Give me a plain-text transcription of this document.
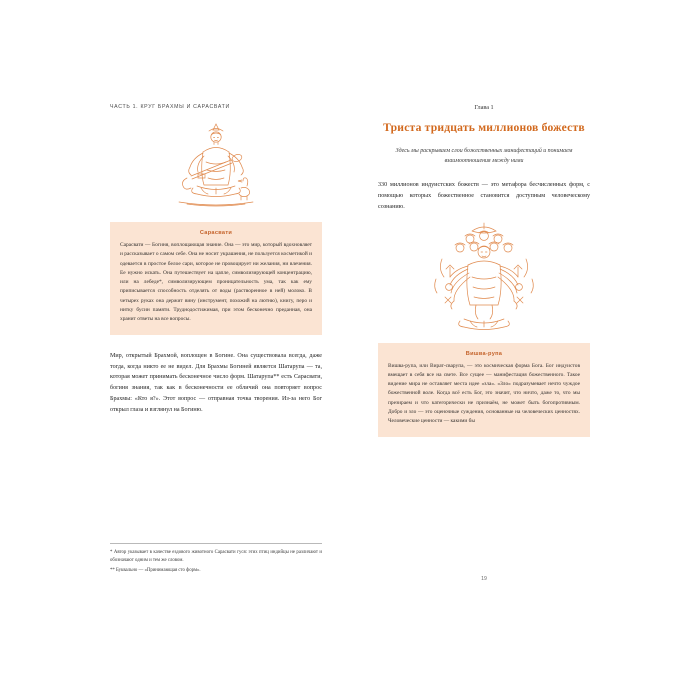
ЧАСТЬ 1. КРУГ БРАХМЫ И САРАСВАТИ
Сарасвати

Сарасвати — Богиня, воплощающая знание. Она — это мир, который вдохновляет и рассказывает о самом себе. Она не носит украшения, не пользуется косметикой и одевается в простое белое сари, которое не провоцирует ни желания, ни влечения. Ее нужно искать. Она путешествует на цапле, символизирующей концентрацию, или на лебеде*, символизирующем проницательность ума, так как ему приписывается способность отделять от воды (растворенное в ней) молоко. В четырех руках она держит вину (инструмент, похожий на лютню), книгу, перо и нитку бусин памяти. Труднодостижимая, при этом бесконечно преданная, она хранит ответы на все вопросы.

Мир, открытый Брахмой, воплощен в Богине. Она существовала всегда, даже тогда, когда никто ее не видел. Для Брахмы Богиней является Шатарупа — та, которая может принимать бесконечное число форм. Шатарупа** есть Сарасвати, богиня знания, так как в бесконечности ее обличий она повторяет вопрос Брахмы: «Кто я?». Этот вопрос — отправная точка творения. Из-за него Бог открыл глаза и взглянул на Богиню.

* Автор указывает в качестве ездового животного Сарасвати гуся: этих птиц индийцы не различают и обозначают одним и тем же словом.

** Буквально — «Принимающая сто форм».

Глава 1
Триста тридцать миллионов божеств

Здесь мы раскрываем слои божественных манифестаций и понимаем взаимоотношения между ними

330 миллионов индуистских божеств — это метафора бесчисленных форм, с помощью которых божественное становится доступным человеческому сознанию.

Вишва-рупа

Вишва-рупа, или Вират-сварупа, — это космическая форма Бога. Бог индуистов вмещает в себя все на свете. Все сущее — манифестация божественного. Такое видение мира не оставляет места идее «зла». «Зло» подразумевает нечто чуждое божественной воле. Когда всё есть Бог, это значит, что ничто, даже то, что мы презираем и что категорически не признаём, не может быть богопротивным. Добро и зло — это оценочные суждения, основанные на человеческих ценностях. Человеческие ценности — какими бы

19
